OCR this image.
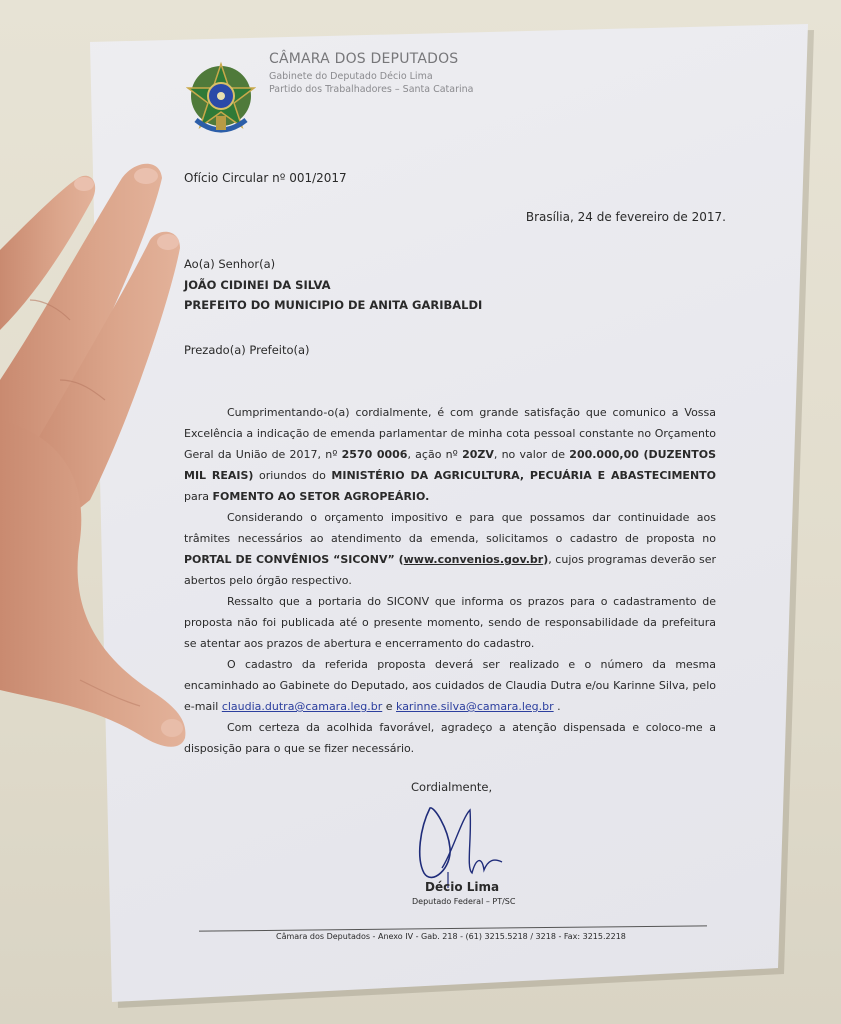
CÂMARA DOS DEPUTADOS
Gabinete do Deputado Décio Lima
Partido dos Trabalhadores – Santa Catarina
Ofício Circular nº 001/2017
Brasília, 24 de fevereiro de 2017.
Ao(a) Senhor(a)
JOÃO CIDINEI DA SILVA
PREFEITO DO MUNICIPIO DE ANITA GARIBALDI
Prezado(a) Prefeito(a)

Cumprimentando-o(a) cordialmente, é com grande satisfação que comunico a Vossa Excelência a indicação de emenda parlamentar de minha cota pessoal constante no Orçamento Geral da União de 2017, nº 2570 0006, ação nº 20ZV, no valor de 200.000,00 (DUZENTOS MIL REAIS) oriundos do MINISTÉRIO DA AGRICULTURA, PECUÁRIA E ABASTECIMENTO para FOMENTO AO SETOR AGROPEÁRIO.

Considerando o orçamento impositivo e para que possamos dar continuidade aos trâmites necessários ao atendimento da emenda, solicitamos o cadastro de proposta no PORTAL DE CONVÊNIOS “SICONV” (www.convenios.gov.br), cujos programas deverão ser abertos pelo órgão respectivo.

Ressalto que a portaria do SICONV que informa os prazos para o cadastramento de proposta não foi publicada até o presente momento, sendo de responsabilidade da prefeitura se atentar aos prazos de abertura e encerramento do cadastro.

O cadastro da referida proposta deverá ser realizado e o número da mesma encaminhado ao Gabinete do Deputado, aos cuidados de Claudia Dutra e/ou Karinne Silva, pelo e-mail claudia.dutra@camara.leg.br e karinne.silva@camara.leg.br .

Com certeza da acolhida favorável, agradeço a atenção dispensada e coloco-me a disposição para o que se fizer necessário.

Cordialmente,
Décio Lima
Deputado Federal – PT/SC
Câmara dos Deputados - Anexo IV - Gab. 218 - (61) 3215.5218 / 3218 - Fax: 3215.2218
